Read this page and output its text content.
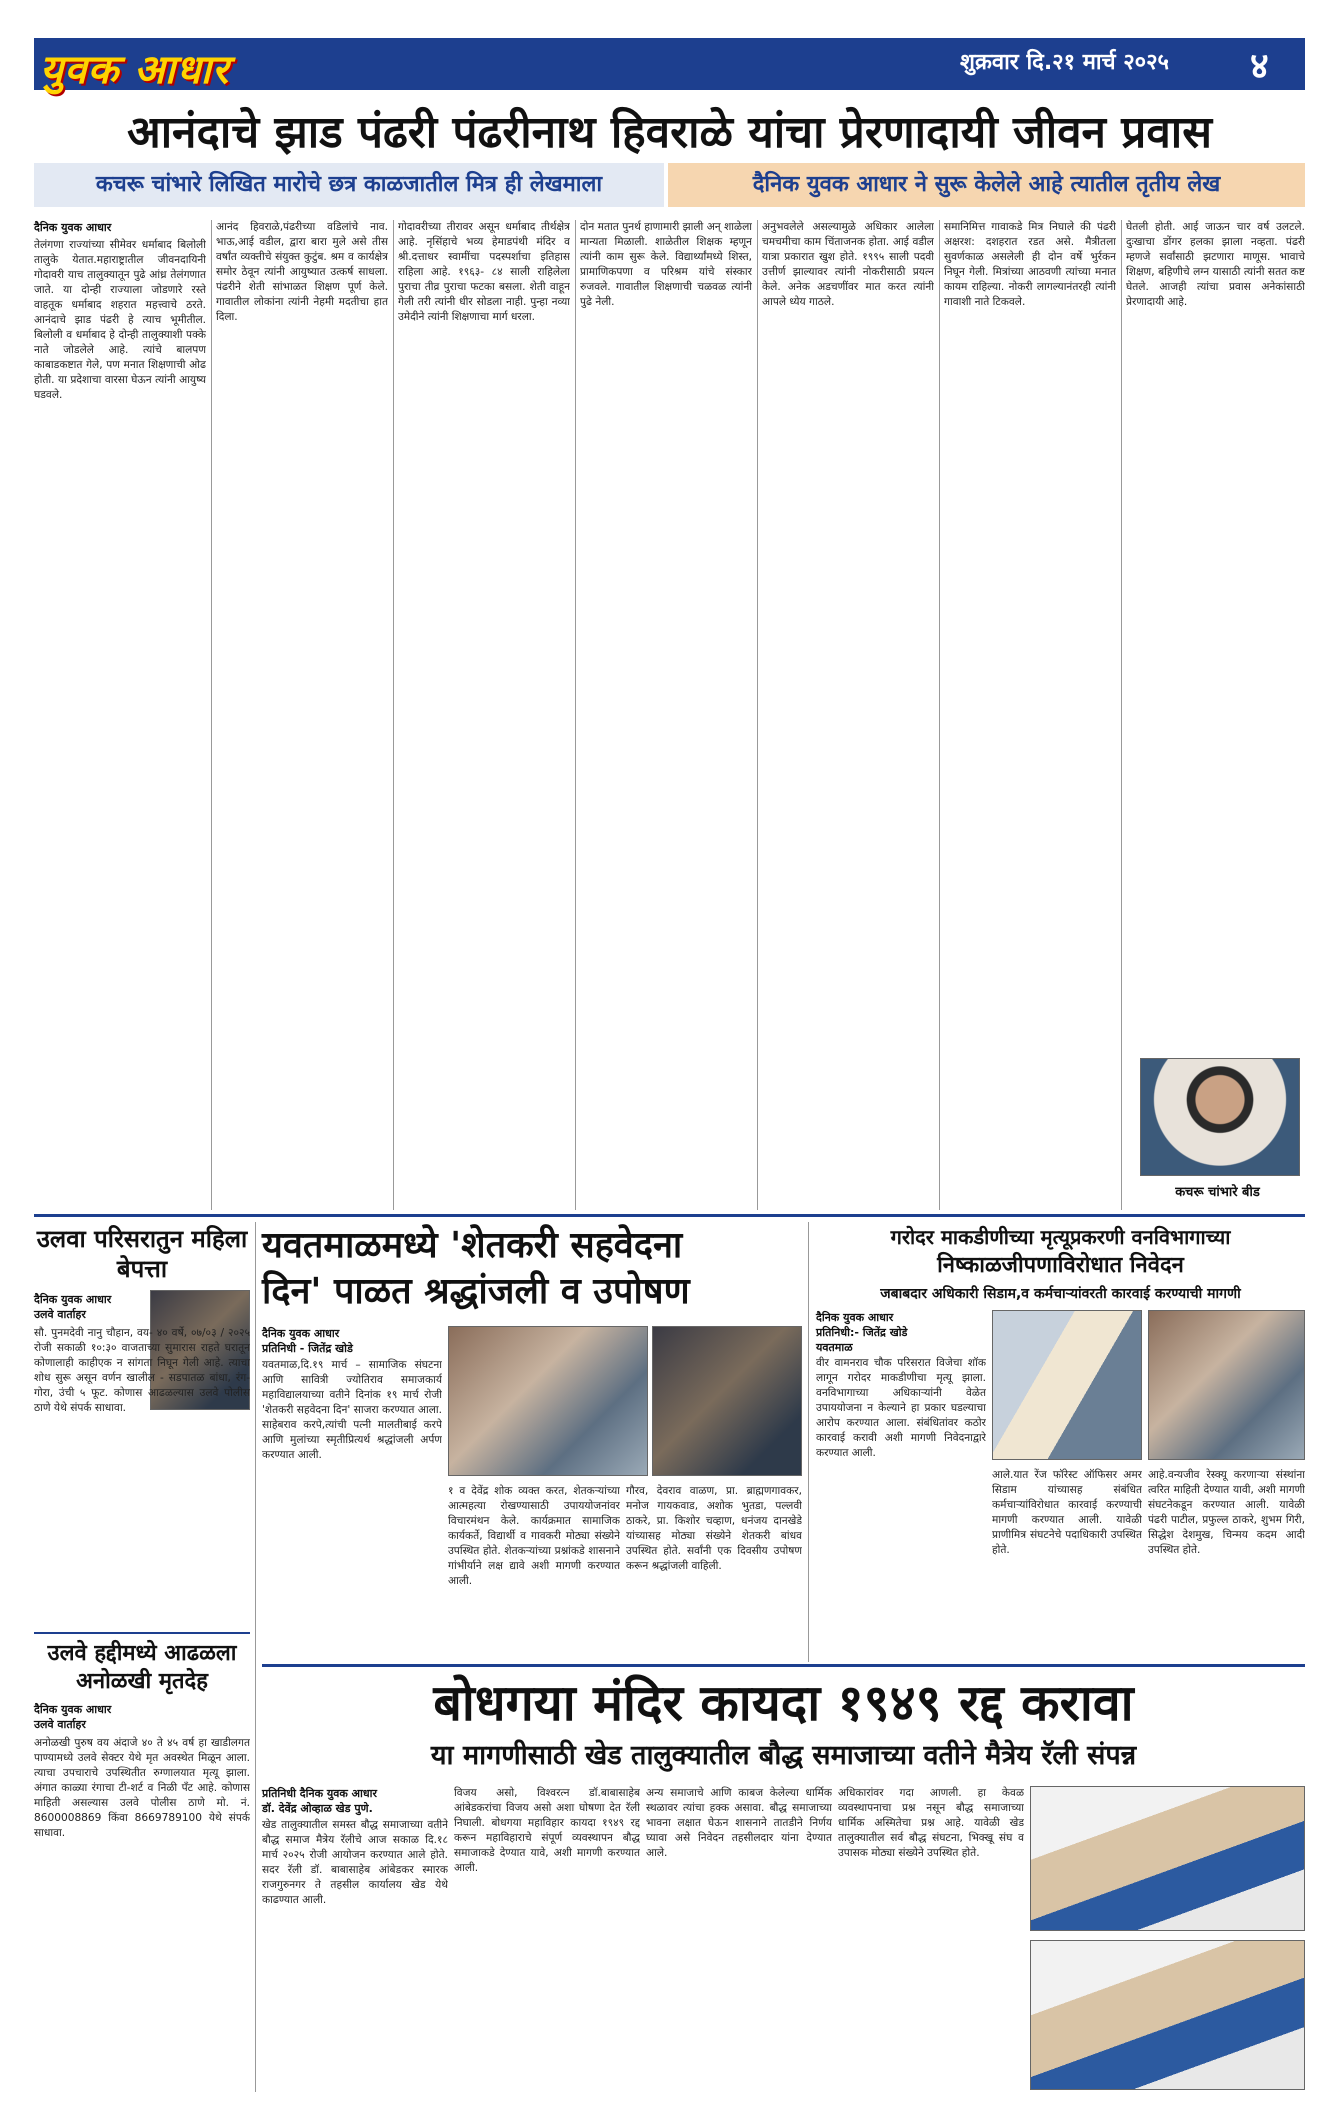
युवक आधार	शुक्रवार दि.२१ मार्च २०२५ ४
आनंदाचे झाड पंढरी पंढरीनाथ हिवराळे यांचा प्रेरणादायी जीवन प्रवास
कचरू चांभारे लिखित मारोचे छत्र काळजातील मित्र ही लेखमाला	दैनिक युवक आधार ने सुरू केलेले आहे त्यातील तृतीय लेख
दैनिक युवक आधार
तेलंगणा राज्यांच्या सीमेवर धर्माबाद बिलोली तालुके येतात.महाराष्ट्रातील जीवनदायिनी गोदावरी याच तालुक्यातून पुढे आंध्र तेलंगणात जाते. या दोन्ही राज्याला जोडणारे रस्ते वाहतूक धर्माबाद शहरात महत्त्वाचे ठरते. आनंदाचे झाड पंढरी हे त्याच भूमीतील. बिलोली व धर्माबाद हे दोन्ही तालुक्याशी पक्के नाते जोडलेले आहे. त्यांचे बालपण काबाडकष्टात गेले, पण मनात शिक्षणाची ओढ होती. या प्रदेशाचा वारसा घेऊन त्यांनी आयुष्य घडवले.
आनंद हिवराळे,पंढरीच्या वडिलांचे नाव. भाऊ,आई वडील, द्वारा बारा मुले असे तीस वर्षांत व्यक्तीचे संयुक्त कुटुंब. श्रम व कार्यक्षेत्र समोर ठेवून त्यांनी आयुष्यात उत्कर्ष साधला. पंढरीने शेती सांभाळत शिक्षण पूर्ण केले. गावातील लोकांना त्यांनी नेहमी मदतीचा हात दिला.
गोदावरीच्या तीरावर असून धर्माबाद तीर्थक्षेत्र आहे. नृसिंहाचे भव्य हेमाडपंथी मंदिर व श्री.दत्ताधर स्वामींचा पदस्पर्शाचा इतिहास राहिला आहे. १९६३- ८४ साली राहिलेला पुराचा तीव्र पुराचा फटका बसला. शेती वाहून गेली तरी त्यांनी धीर सोडला नाही. पुन्हा नव्या उमेदीने त्यांनी शिक्षणाचा मार्ग धरला.
दोन मतात पुनर्थ हाणामारी झाली अन् शाळेला मान्यता मिळाली. शाळेतील शिक्षक म्हणून त्यांनी काम सुरू केले. विद्यार्थ्यांमध्ये शिस्त, प्रामाणिकपणा व परिश्रम यांचे संस्कार रुजवले. गावातील शिक्षणाची चळवळ त्यांनी पुढे नेली.
अनुभवलेले असल्यामुळे अधिकार आलेला चमचमीचा काम चिंताजनक होता. आई वडील यात्रा प्रकारात खुश होते. १९९५ साली पदवी उत्तीर्ण झाल्यावर त्यांनी नोकरीसाठी प्रयत्न केले. अनेक अडचणींवर मात करत त्यांनी आपले ध्येय गाठले.
समानिमित्त गावाकडे मित्र निघाले की पंढरी अक्षरश: दशहरात रडत असे. मैत्रीतला सुवर्णकाळ असलेली ही दोन वर्षे भुर्रकन निघून गेली. मित्रांच्या आठवणी त्यांच्या मनात कायम राहिल्या. नोकरी लागल्यानंतरही त्यांनी गावाशी नाते टिकवले.
घेतली होती. आई जाऊन चार वर्ष उलटले. दुःखाचा डोंगर हलका झाला नव्हता. पंढरी म्हणजे सर्वांसाठी झटणारा माणूस. भावाचे शिक्षण, बहिणीचे लग्न यासाठी त्यांनी सतत कष्ट घेतले. आजही त्यांचा प्रवास अनेकांसाठी प्रेरणादायी आहे.
कचरू चांभारे बीड
उलवा परिसरातुन महिला बेपत्ता
दैनिक युवक आधार
उलवे वार्ताहर
सौ. पुनमदेवी नानु चौहान, वय- ४० वर्षे, ०७/०३ / २०२५ रोजी सकाळी १०:३० वाजताच्या सुमारास राहते घरातून कोणालाही काहीएक न सांगता निघून गेली आहे. त्याचा शोध सुरू असून वर्णन खालील - सडपातळ बांधा, रंग- गोरा, उंची ५ फूट. कोणास आढळल्यास उलवे पोलीस ठाणे येथे संपर्क साधावा.
उलवे हद्दीमध्ये आढळला अनोळखी मृतदेह
दैनिक युवक आधार
उलवे वार्ताहर
अनोळखी पुरुष वय अंदाजे ४० ते ४५ वर्ष हा खाडीलगत पाण्यामध्ये उलवे सेक्टर येथे मृत अवस्थेत मिळून आला. त्याचा उपचाराचे उपस्थितीत रुग्णालयात मृत्यू झाला. अंगात काळ्या रंगाचा टी-शर्ट व निळी पँट आहे. कोणास माहिती असल्यास उलवे पोलीस ठाणे मो. नं. 8600008869 किंवा 8669789100 येथे संपर्क साधावा.
यवतमाळमध्ये 'शेतकरी सहवेदना
दिन' पाळत श्रद्धांजली व उपोषण
दैनिक युवक आधार
प्रतिनिधी - जितेंद्र खोडे
यवतमाळ,दि.१९ मार्च – सामाजिक संघटना आणि सावित्री ज्योतिराव समाजकार्य महाविद्यालयाच्या वतीने दिनांक १९ मार्च रोजी 'शेतकरी सहवेदना दिन' साजरा करण्यात आला. साहेबराव करपे,त्यांची पत्नी मालतीबाई करपे आणि मुलांच्या स्मृतीप्रित्यर्थ श्रद्धांजली अर्पण करण्यात आली.
१ व देवेंद्र शोक व्यक्त करत, शेतकऱ्यांच्या आत्महत्या रोखण्यासाठी उपाययोजनांवर विचारमंथन केले. कार्यक्रमात सामाजिक कार्यकर्ते, विद्यार्थी व गावकरी मोठ्या संख्येने उपस्थित होते. शेतकऱ्यांच्या प्रश्नांकडे शासनाने गांभीर्याने लक्ष द्यावे अशी मागणी करण्यात आली.
गौरव, देवराव वाळण, प्रा. ब्राह्मणगावकर, मनोज गायकवाड, अशोक भुतडा, पल्लवी ठाकरे, प्रा. किशोर चव्हाण, धनंजय दानखेडे यांच्यासह मोठ्या संख्येने शेतकरी बांधव उपस्थित होते. सर्वांनी एक दिवसीय उपोषण करून श्रद्धांजली वाहिली.
गरोदर माकडीणीच्या मृत्यूप्रकरणी वनविभागाच्या
निष्काळजीपणाविरोधात निवेदन
जबाबदार अधिकारी सिडाम,व कर्मचाऱ्यांवरती कारवाई करण्याची मागणी
दैनिक युवक आधार
प्रतिनिधी:- जितेंद्र खोडे
यवतमाळ
वीर वामनराव चौक परिसरात विजेचा शॉक लागून गरोदर माकडीणीचा मृत्यू झाला. वनविभागाच्या अधिकाऱ्यांनी वेळेत उपाययोजना न केल्याने हा प्रकार घडल्याचा आरोप करण्यात आला. संबंधितांवर कठोर कारवाई करावी अशी मागणी निवेदनाद्वारे करण्यात आली.
आले.यात रेंज फॉरेस्ट ऑफिसर अमर सिडाम यांच्यासह संबंधित कर्मचाऱ्यांविरोधात कारवाई करण्याची मागणी करण्यात आली. यावेळी प्राणीमित्र संघटनेचे पदाधिकारी उपस्थित होते.
आहे.वन्यजीव रेस्क्यू करणाऱ्या संस्थांना त्वरित माहिती देण्यात यावी, अशी मागणी संघटनेकडून करण्यात आली. यावेळी पंढरी पाटील, प्रफुल्ल ठाकरे, शुभम गिरी, सिद्धेश देशमुख, चिन्मय कदम आदी उपस्थित होते.
बोधगया मंदिर कायदा १९४९ रद्द करावा
या मागणीसाठी खेड तालुक्यातील बौद्ध समाजाच्या वतीने मैत्रेय रॅली संपन्न
प्रतिनिधी दैनिक युवक आधार
डॉ. देवेंद्र ओव्हाळ खेड पुणे.
खेड तालुक्यातील समस्त बौद्ध समाजाच्या वतीने बौद्ध समाज मैत्रेय रॅलीचे आज सकाळ दि.१८ मार्च २०२५ रोजी आयोजन करण्यात आले होते. सदर रॅली डॉ. बाबासाहेब आंबेडकर स्मारक राजगुरुनगर ते तहसील कार्यालय खेड येथे काढण्यात आली.
विजय असो, विश्वरत्न डॉ.बाबासाहेब आंबेडकरांचा विजय असो अशा घोषणा देत रॅली निघाली. बोधगया महाविहार कायदा १९४९ रद्द करून महाविहाराचे संपूर्ण व्यवस्थापन बौद्ध समाजाकडे देण्यात यावे, अशी मागणी करण्यात आली.
अन्य समाजाचे आणि काबज केलेल्या धार्मिक स्थळावर त्यांचा हक्क असावा. बौद्ध समाजाच्या भावना लक्षात घेऊन शासनाने तातडीने निर्णय घ्यावा असे निवेदन तहसीलदार यांना देण्यात आले.
अधिकारांवर गदा आणली. हा केवळ व्यवस्थापनाचा प्रश्न नसून बौद्ध समाजाच्या धार्मिक अस्मितेचा प्रश्न आहे. यावेळी खेड तालुक्यातील सर्व बौद्ध संघटना, भिक्खू संघ व उपासक मोठ्या संख्येने उपस्थित होते.
